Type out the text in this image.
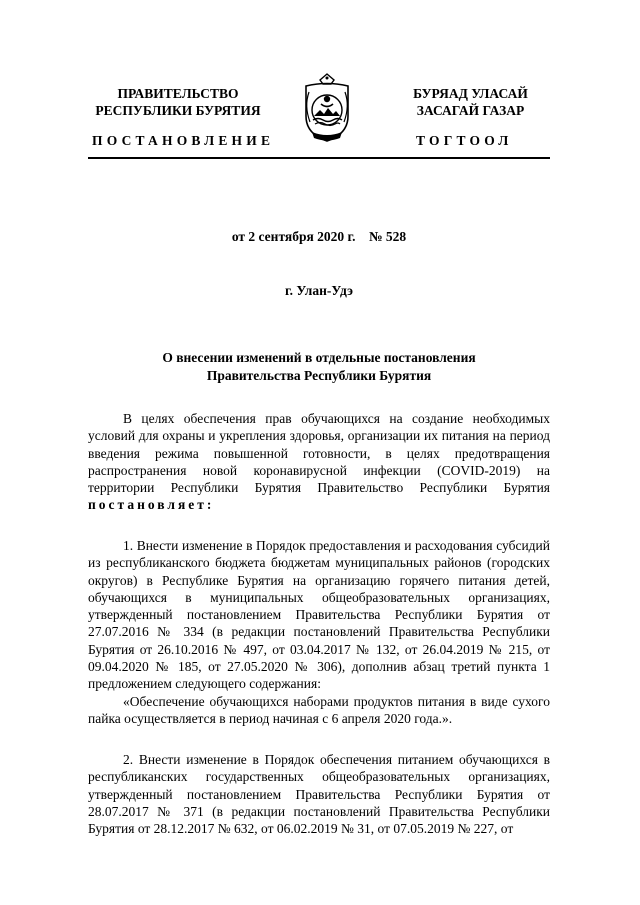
ПРАВИТЕЛЬСТВО
РЕСПУБЛИКИ БУРЯТИЯ
БУРЯАД УЛАСАЙ
ЗАСАГАЙ ГАЗАР
ПОСТАНОВЛЕНИЕ	ТОГТООЛ
от 2 сентября 2020 г.    № 528
г. Улан-Удэ
О внесении изменений в отдельные постановления
Правительства Республики Бурятия

В целях обеспечения прав обучающихся на создание необходимых условий для охраны и укрепления здоровья, организации их питания на период введения режима повышенной готовности, в целях предотвращения распространения новой коронавирусной инфекции (COVID-2019) на территории Республики Бурятия Правительство Республики Бурятия постановляет:

1. Внести изменение в Порядок предоставления и расходования субсидий из республиканского бюджета бюджетам муниципальных районов (городских округов) в Республике Бурятия на организацию горячего питания детей, обучающихся в муниципальных общеобразовательных организациях, утвержденный постановлением Правительства Республики Бурятия от 27.07.2016 № 334 (в редакции постановлений Правительства Республики Бурятия от 26.10.2016 № 497, от 03.04.2017 № 132, от 26.04.2019 № 215, от 09.04.2020 № 185, от 27.05.2020 № 306), дополнив абзац третий пункта 1 предложением следующего содержания:

«Обеспечение обучающихся наборами продуктов питания в виде сухого пайка осуществляется в период начиная с 6 апреля 2020 года.».

2. Внести изменение в Порядок обеспечения питанием обучающихся в республиканских государственных общеобразовательных организациях, утвержденный постановлением Правительства Республики Бурятия от 28.07.2017 № 371 (в редакции постановлений Правительства Республики Бурятия от 28.12.2017 № 632, от 06.02.2019 № 31, от 07.05.2019 № 227, от
